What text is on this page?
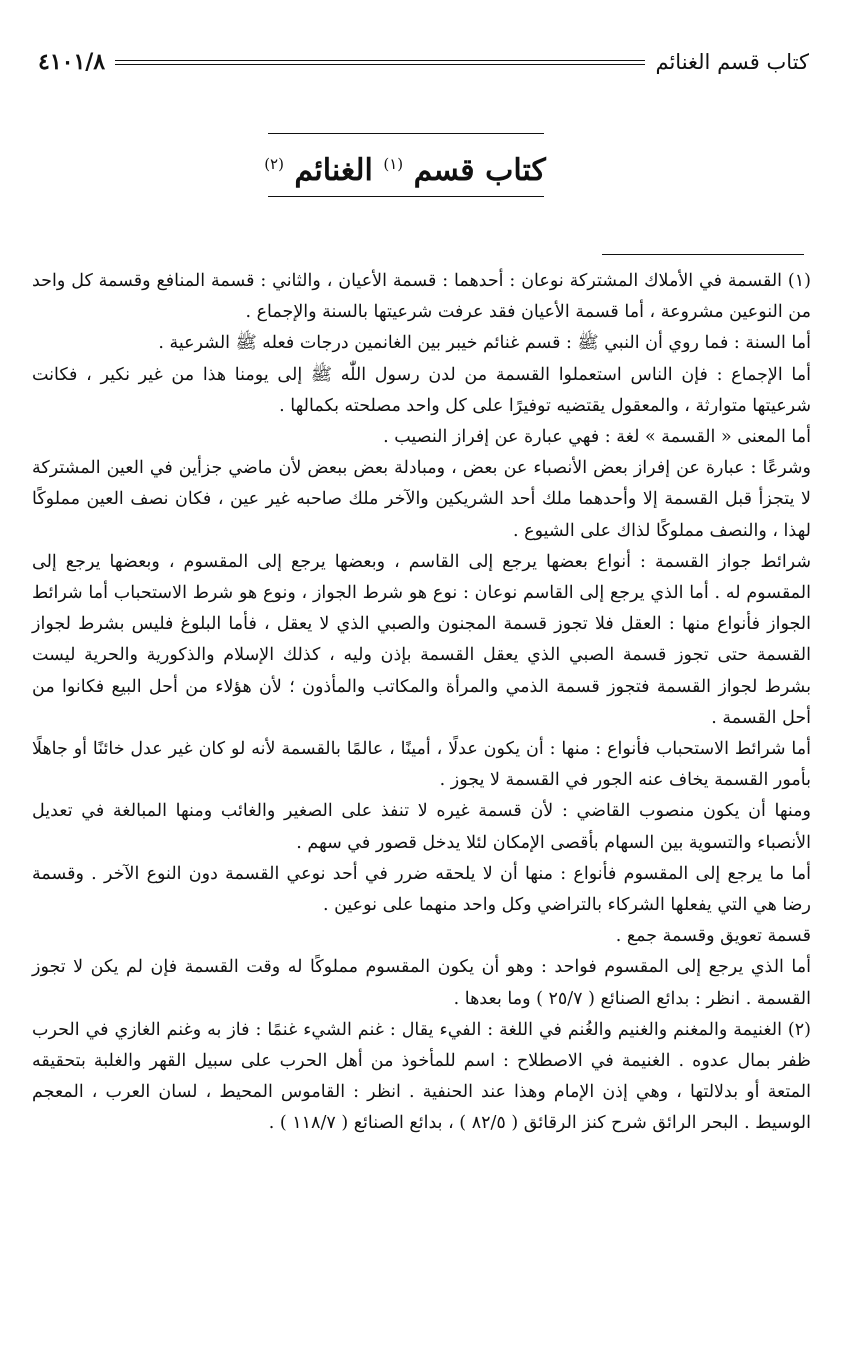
كتاب قسم الغنائم
٤١٠١/٨
كتاب قسم $^{(١)}$ الغنائم $^{(٢)}$

(١) القسمة في الأملاك المشتركة نوعان : أحدهما : قسمة الأعيان ، والثاني : قسمة المنافع وقسمة كل واحد من النوعين مشروعة ، أما قسمة الأعيان فقد عرفت شرعيتها بالسنة والإجماع .

أما السنة : فما روي أن النبي ﷺ : قسم غنائم خيبر بين الغانمين درجات فعله ﷺ الشرعية .

أما الإجماع : فإن الناس استعملوا القسمة من لدن رسول اللّٰه ﷺ إلى يومنا هذا من غير نكير ، فكانت شرعيتها متوارثة ، والمعقول يقتضيه توفيرًا على كل واحد مصلحته بكمالها .

أما المعنى « القسمة » لغة : فهي عبارة عن إفراز النصيب .

وشرعًا : عبارة عن إفراز بعض الأنصباء عن بعض ، ومبادلة بعض ببعض لأن ماضي جزأين في العين المشتركة لا يتجزأ قبل القسمة إلا وأحدهما ملك أحد الشريكين والآخر ملك صاحبه غير عين ، فكان نصف العين مملوكًا لهذا ، والنصف مملوكًا لذاك على الشيوع .

شرائط جواز القسمة : أنواع بعضها يرجع إلى القاسم ، وبعضها يرجع إلى المقسوم ، وبعضها يرجع إلى المقسوم له . أما الذي يرجع إلى القاسم نوعان : نوع هو شرط الجواز ، ونوع هو شرط الاستحباب أما شرائط الجواز فأنواع منها : العقل فلا تجوز قسمة المجنون والصبي الذي لا يعقل ، فأما البلوغ فليس بشرط لجواز القسمة حتى تجوز قسمة الصبي الذي يعقل القسمة بإذن وليه ، كذلك الإسلام والذكورية والحرية ليست بشرط لجواز القسمة فتجوز قسمة الذمي والمرأة والمكاتب والمأذون ؛ لأن هؤلاء من أحل البيع فكانوا من أحل القسمة .

أما شرائط الاستحباب فأنواع : منها : أن يكون عدلًا ، أمينًا ، عالمًا بالقسمة لأنه لو كان غير عدل خائنًا أو جاهلًا بأمور القسمة يخاف عنه الجور في القسمة لا يجوز .

ومنها أن يكون منصوب القاضي : لأن قسمة غيره لا تنفذ على الصغير والغائب ومنها المبالغة في تعديل الأنصباء والتسوية بين السهام بأقصى الإمكان لئلا يدخل قصور في سهم .

أما ما يرجع إلى المقسوم فأنواع : منها أن لا يلحقه ضرر في أحد نوعي القسمة دون النوع الآخر . وقسمة رضا هي التي يفعلها الشركاء بالتراضي وكل واحد منهما على نوعين .

قسمة تعويق وقسمة جمع .

أما الذي يرجع إلى المقسوم فواحد : وهو أن يكون المقسوم مملوكًا له وقت القسمة فإن لم يكن لا تجوز القسمة . انظر : بدائع الصنائع ( ٢٥/٧ ) وما بعدها .

(٢) الغنيمة والمغنم والغنيم والغُنم في اللغة : الفيء يقال : غنم الشيء غنمًا : فاز به وغنم الغازي في الحرب ظفر بمال عدوه . الغنيمة في الاصطلاح : اسم للمأخوذ من أهل الحرب على سبيل القهر والغلبة بتحقيقه المتعة أو بدلالتها ، وهي إذن الإمام وهذا عند الحنفية . انظر : القاموس المحيط ، لسان العرب ، المعجم الوسيط . البحر الرائق شرح كنز الرقائق ( ٨٢/٥ ) ، بدائع الصنائع ( ١١٨/٧ ) .
